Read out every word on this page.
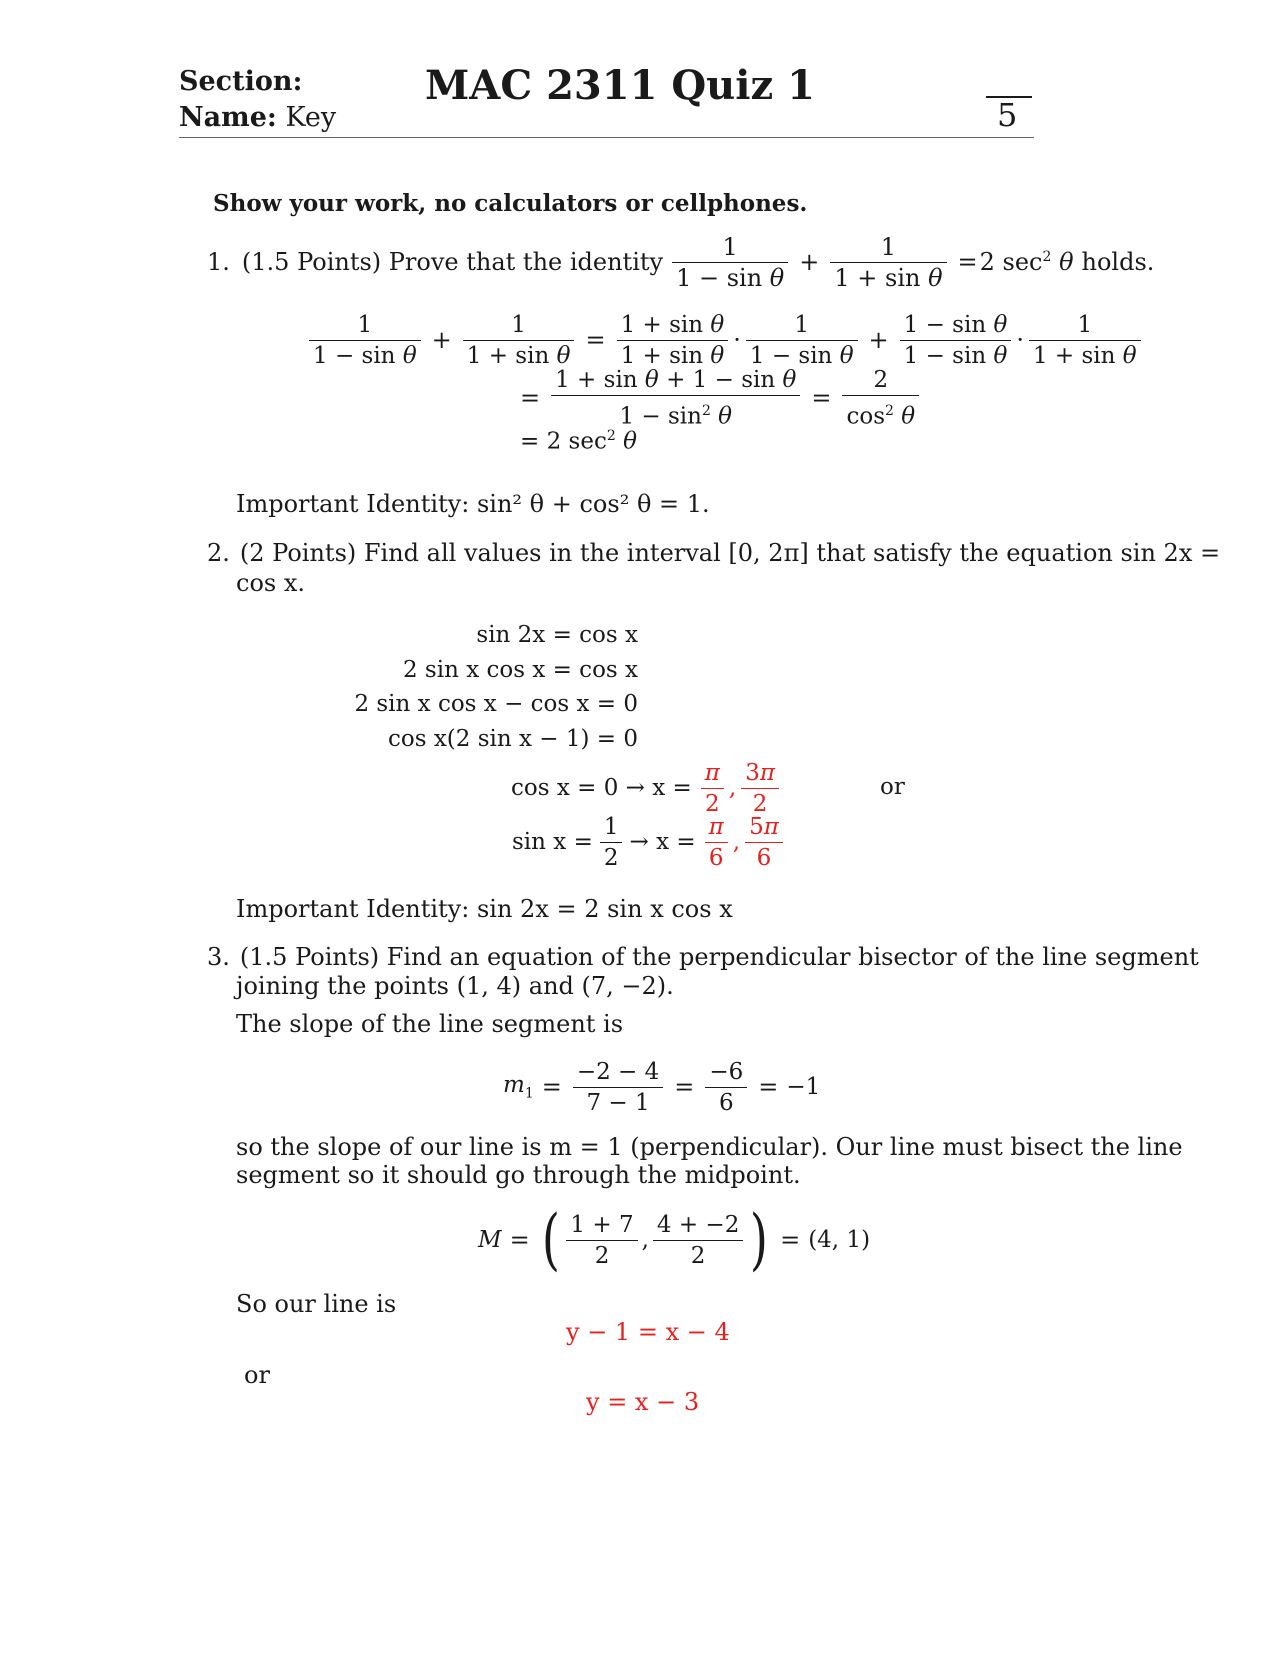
Section:
Name: Key
MAC 2311 Quiz 1
5
Show your work, no calculators or cellphones.
1. (1.5 Points) Prove that the identity $\frac{1}{\text{1 − sin θ}} + \frac{1}{\text{1 + sin θ}} = 2$ $\sec^2 \theta$ holds.
$\frac{1}{\text{1 − sin θ}} + \frac{1}{\text{1 + sin θ}} = \frac{\text{1 + sin θ}}{\text{1 + sin θ}} \cdot \frac{1}{\text{1 − sin θ}} + \frac{\text{1 − sin θ}}{\text{1 − sin θ}} \cdot \frac{1}{\text{1 + sin θ}}$
= $\frac{\text{1 + sin θ + 1 − sin θ}}{1 - \sin^2 \theta} = \frac{2}{\cos^2 \theta}$
= 2 $\sec^2 \theta$
Important Identity: sin² θ + cos² θ = 1.
2. (2 Points) Find all values in the interval [0, 2π] that satisfy the equation sin 2x =
cos x.
sin 2x = cos x
2 sin x cos x = cos x
2 sin x cos x − cos x = 0
cos x(2 sin x − 1) = 0
$\cos x = 0 \to x = \frac{\pi}{2}$ , $\frac{3\pi}{2}$	or
$\sin x = \frac{1}{2} \to x = \frac{\pi}{6}$ , $\frac{5\pi}{6}$
Important Identity: sin 2x = 2 sin x cos x
3. (1.5 Points) Find an equation of the perpendicular bisector of the line segment
joining the points (1, 4) and (7, −2).
The slope of the line segment is
$m_1 = \frac{-2 - 4}{7 - 1} = \frac{-6}{6} = -1$
so the slope of our line is m = 1 (perpendicular). Our line must bisect the line
segment so it should go through the midpoint.
M = ( $\frac{1 + 7}{2}$ , $\frac{4 + -2}{2}$ ) = (4, 1)
So our line is
y − 1 = x − 4
or
y = x − 3
